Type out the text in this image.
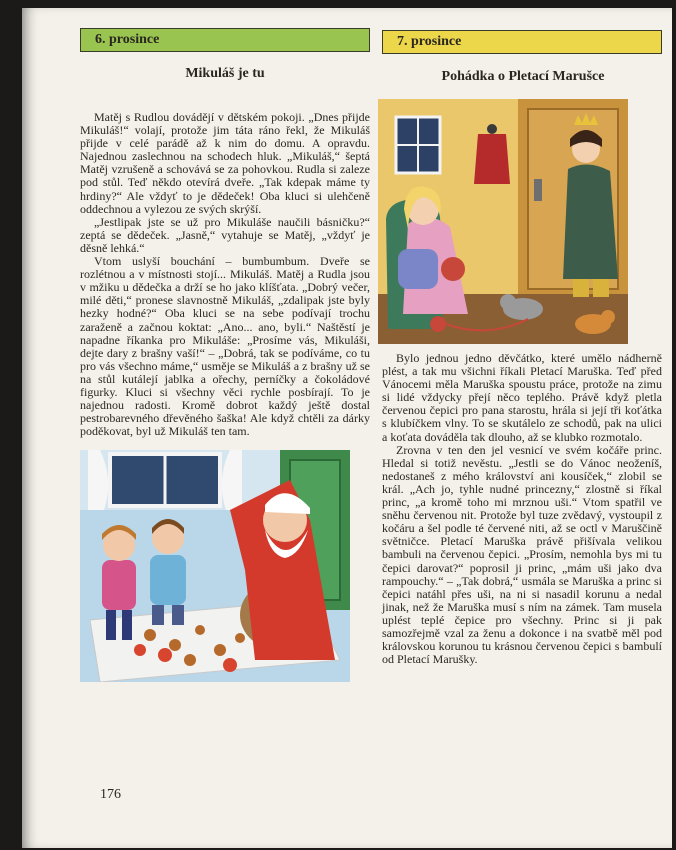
6. prosince
Mikuláš je tu

Matěj s Rudlou dovádějí v dětském pokoji. „Dnes přijde Mikuláš!“ volají, protože jim táta ráno řekl, že Mikuláš přijde v celé parádě až k nim do domu. A opravdu. Najednou zaslechnou na schodech hluk. „Mikuláš,“ šeptá Matěj vzrušeně a schovává se za pohovkou. Rudla si zaleze pod stůl. Teď někdo otevírá dveře. „Tak kdepak máme ty hrdiny?“ Ale vždyť to je dědeček! Oba kluci si ulehčeně oddechnou a vylezou ze svých skrýší.

„Jestlipak jste se už pro Mikuláše naučili básničku?“ zeptá se dědeček. „Jasně,“ vytahuje se Matěj, „vždyť je děsně lehká.“

Vtom uslyší bouchání – bumbumbum. Dveře se rozlétnou a v místnosti stojí... Mikuláš. Matěj a Rudla jsou v mžiku u dědečka a drží se ho jako klíšťata. „Dobrý večer, milé děti,“ pronese slavnostně Mikuláš, „zdalipak jste byly hezky hodné?“ Oba kluci se na sebe podívají trochu zaraženě a začnou koktat: „Ano... ano, byli.“ Naštěstí je napadne říkanka pro Mikuláše: „Prosíme vás, Mikuláši, dejte dary z brašny vaší!“ – „Dobrá, tak se podíváme, co tu pro vás všechno máme,“ usměje se Mikuláš a z brašny už se na stůl kutálejí jablka a ořechy, perníčky a čokoládové figurky. Kluci si všechny věci rychle posbírají. To je najednou radosti. Kromě dobrot každý ještě dostal pestrobarevného dřevěného šaška! Ale když chtěli za dárky poděkovat, byl už Mikuláš ten tam.

7. prosince
Pohádka o Pletací Marušce

Bylo jednou jedno děvčátko, které umělo nádherně plést, a tak mu všichni říkali Pletací Maruška. Teď před Vánocemi měla Maruška spoustu práce, protože na zimu si lidé vždycky přejí něco teplého. Právě když pletla červenou čepici pro pana starostu, hrála si její tři koťátka s klubíčkem vlny. To se skutálelo ze schodů, pak na ulici a koťata dováděla tak dlouho, až se klubko rozmotalo.

Zrovna v ten den jel vesnicí ve svém kočáře princ. Hledal si totiž nevěstu. „Jestli se do Vánoc neoženíš, nedostaneš z mého království ani kousíček,“ zlobil se král. „Ach jo, tyhle nudné princezny,“ zlostně si říkal princ, „a kromě toho mi mrznou uši.“ Vtom spatřil ve sněhu červenou nit. Protože byl tuze zvědavý, vystoupil z kočáru a šel podle té červené niti, až se octl v Maruščině světničce. Pletací Maruška právě přišívala velikou bambuli na červenou čepici. „Prosím, nemohla bys mi tu čepici darovat?“ poprosil ji princ, „mám uši jako dva rampouchy.“ – „Tak dobrá,“ usmála se Maruška a princ si čepici natáhl přes uši, na ni si nasadil korunu a nedal jinak, než že Maruška musí s ním na zámek. Tam musela uplést teplé čepice pro všechny. Princ si ji pak samozřejmě vzal za ženu a dokonce i na svatbě měl pod královskou korunou tu krásnou červenou čepici s bambulí od Pletací Marušky.

176
